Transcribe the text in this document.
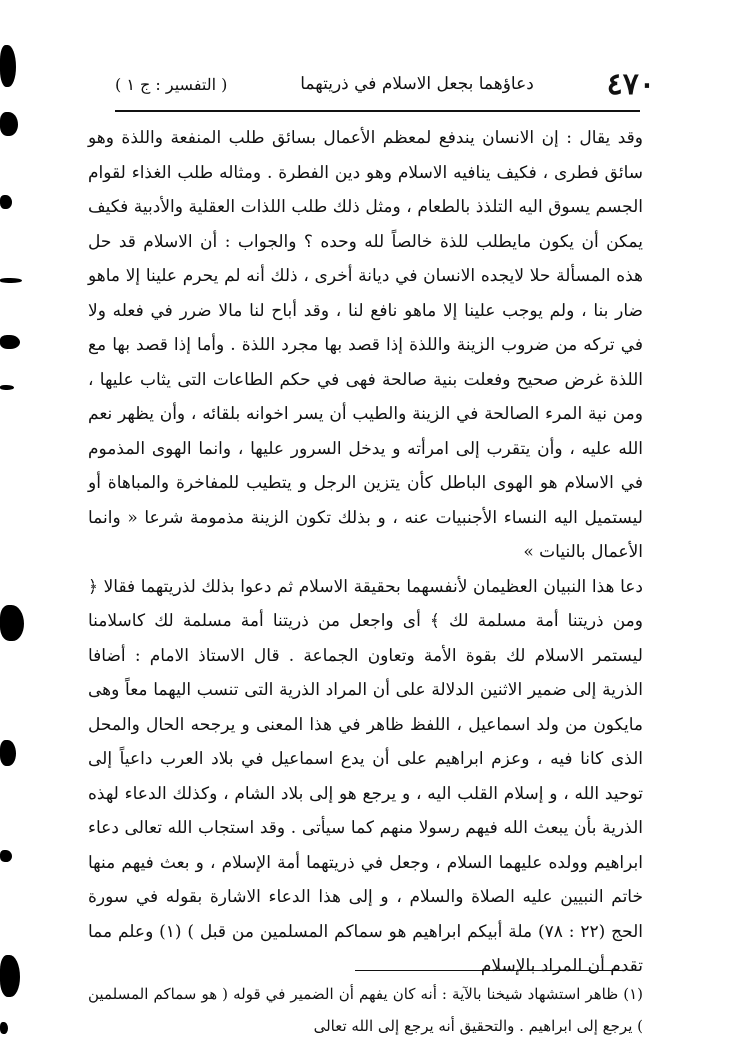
٤٧٠
دعاؤهما بجعل الاسلام في ذريتهما
( التفسير : ج ١ )

وقد يقال : إن الانسان يندفع لمعظم الأعمال بسائق طلب المنفعة واللذة وهو سائق فطرى ، فكيف ينافيه الاسلام وهو دين الفطرة . ومثاله طلب الغذاء لقوام الجسم يسوق اليه التلذذ بالطعام ، ومثل ذلك طلب اللذات العقلية والأدبية فكيف يمكن أن يكون مايطلب للذة خالصاً لله وحده ؟ والجواب : أن الاسلام قد حل هذه المسألة حلا لايجده الانسان في ديانة أخرى ، ذلك أنه لم يحرم علينا إلا ماهو ضار بنا ، ولم يوجب علينا إلا ماهو نافع لنا ، وقد أباح لنا مالا ضرر في فعله ولا في تركه من ضروب الزينة واللذة إذا قصد بها مجرد اللذة . وأما إذا قصد بها مع اللذة غرض صحيح وفعلت بنية صالحة فهى في حكم الطاعات التى يثاب عليها ، ومن نية المرء الصالحة في الزينة والطيب أن يسر اخوانه بلقائه ، وأن يظهر نعم الله عليه ، وأن يتقرب إلى امرأته و يدخل السرور عليها ، وانما الهوى المذموم في الاسلام هو الهوى الباطل كأن يتزين الرجل و يتطيب للمفاخرة والمباهاة أو ليستميل اليه النساء الأجنبيات عنه ، و بذلك تكون الزينة مذمومة شرعا « وانما الأعمال بالنيات »

دعا هذا النبيان العظيمان لأنفسهما بحقيقة الاسلام ثم دعوا بذلك لذريتهما فقالا ﴿ ومن ذريتنا أمة مسلمة لك ﴾ أى واجعل من ذريتنا أمة مسلمة لك كاسلامنا ليستمر الاسلام لك بقوة الأمة وتعاون الجماعة . قال الاستاذ الامام : أضافا الذرية إلى ضمير الاثنين الدلالة على أن المراد الذرية التى تنسب اليهما معاً وهى مايكون من ولد اسماعيل ، اللفظ ظاهر في هذا المعنى و يرجحه الحال والمحل الذى كانا فيه ، وعزم ابراهيم على أن يدع اسماعيل في بلاد العرب داعياً إلى توحيد الله ، و إسلام القلب اليه ، و يرجع هو إلى بلاد الشام ، وكذلك الدعاء لهذه الذرية بأن يبعث الله فيهم رسولا منهم كما سيأتى . وقد استجاب الله تعالى دعاء ابراهيم وولده عليهما السلام ، وجعل في ذريتهما أمة الإسلام ، و بعث فيهم منها خاتم النبيين عليه الصلاة والسلام ، و إلى هذا الدعاء الاشارة بقوله في سورة الحج (٢٢ : ٧٨) ملة أبيكم ابراهيم هو سماكم المسلمين من قبل ) (١) وعلم مما تقدم أن المراد بالإسلام

(١) ظاهر استشهاد شيخنا بالآية : أنه كان يفهم أن الضمير في قوله ( هو سماكم المسلمين ) يرجع إلى ابراهيم . والتحقيق أنه يرجع إلى الله تعالى
